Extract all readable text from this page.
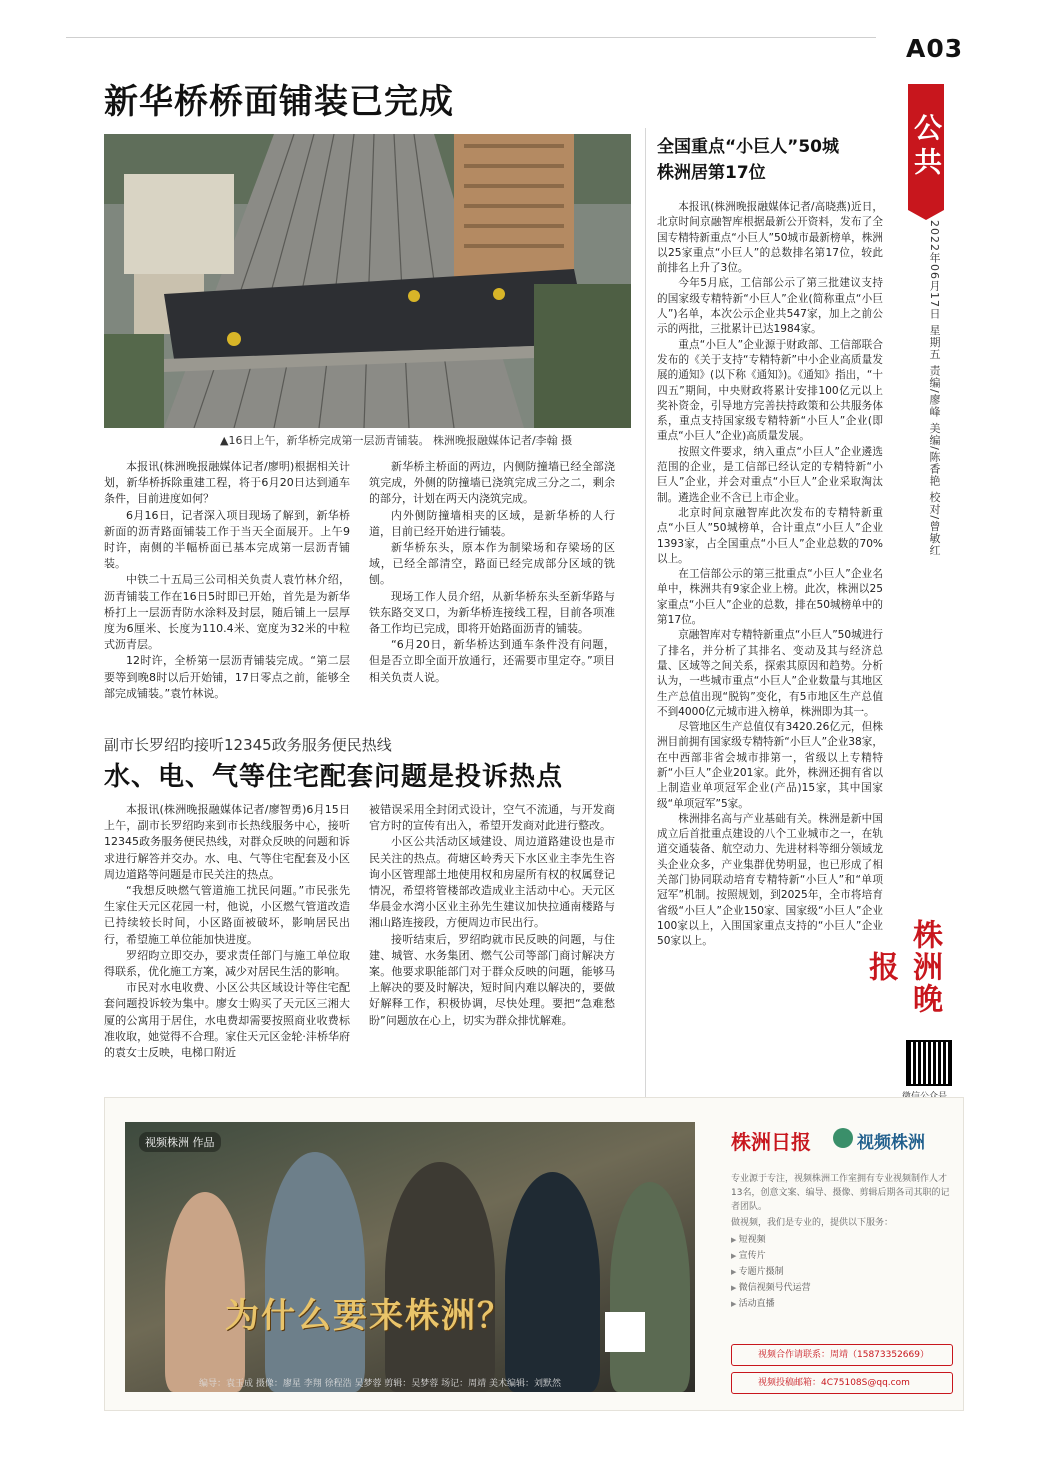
A03
公共
2022年06月17日 星期五 责编/廖峰 美编/陈香艳 校对/曾敏红
株洲晚报
新华桥桥面铺装已完成
▲16日上午，新华桥完成第一层沥青铺装。 株洲晚报融媒体记者/李翰 摄

本报讯(株洲晚报融媒体记者/廖明)根据相关计划，新华桥拆除重建工程，将于6月20日达到通车条件，目前进度如何？

6月16日，记者深入项目现场了解到，新华桥新面的沥青路面铺装工作于当天全面展开。上午9时许，南侧的半幅桥面已基本完成第一层沥青铺装。

中铁二十五局三公司相关负责人袁竹林介绍，沥青铺装工作在16日5时即已开始，首先是为新华桥打上一层沥青防水涂料及封层，随后铺上一层厚度为6厘米、长度为110.4米、宽度为32米的中粒式沥青层。

12时许，全桥第一层沥青铺装完成。“第二层要等到晚8时以后开始铺，17日零点之前，能够全部完成铺装。”袁竹林说。

新华桥主桥面的两边，内侧防撞墙已经全部浇筑完成，外侧的防撞墙已浇筑完成三分之二，剩余的部分，计划在两天内浇筑完成。

内外侧防撞墙相夹的区域，是新华桥的人行道，目前已经开始进行铺装。

新华桥东头，原本作为制梁场和存梁场的区域，已经全部清空，路面已经完成部分区域的铣刨。

现场工作人员介绍，从新华桥东头至新华路与铁东路交叉口，为新华桥连接线工程，目前各项准备工作均已完成，即将开始路面沥青的铺装。

“6月20日，新华桥达到通车条件没有问题，但是否立即全面开放通行，还需要市里定夺。”项目相关负责人说。

副市长罗绍昀接听12345政务服务便民热线
水、电、气等住宅配套问题是投诉热点

本报讯(株洲晚报融媒体记者/廖智勇)6月15日上午，副市长罗绍昀来到市长热线服务中心，接听12345政务服务便民热线，对群众反映的问题和诉求进行解答并交办。水、电、气等住宅配套及小区周边道路等问题是市民关注的热点。

“我想反映燃气管道施工扰民问题。”市民张先生家住天元区花园一村，他说，小区燃气管道改造已持续较长时间，小区路面被破坏，影响居民出行，希望施工单位能加快进度。

罗绍昀立即交办，要求责任部门与施工单位取得联系，优化施工方案，减少对居民生活的影响。

市民对水电收费、小区公共区域设计等住宅配套问题投诉较为集中。廖女士购买了天元区三湘大厦的公寓用于居住，水电费却需要按照商业收费标准收取，她觉得不合理。家住天元区金轮·沣桥华府的袁女士反映，电梯口附近

被错误采用全封闭式设计，空气不流通，与开发商官方时的宣传有出入，希望开发商对此进行整改。

小区公共活动区域建设、周边道路建设也是市民关注的热点。荷塘区岭秀天下水区业主李先生咨询小区管理部土地使用权和房屋所有权的权属登记情况，希望将管楼部改造成业主活动中心。天元区华晨金水湾小区业主孙先生建议加快拉通南楼路与湘山路连接段，方便周边市民出行。

接听结束后，罗绍昀就市民反映的问题，与住建、城管、水务集团、燃气公司等部门商讨解决方案。他要求职能部门对于群众反映的问题，能够马上解决的要及时解决，短时间内难以解决的，要做好解释工作，积极协调，尽快处理。要把“急难愁盼”问题放在心上，切实为群众排忧解难。

全国重点“小巨人”50城
株洲居第17位

本报讯(株洲晚报融媒体记者/高晓燕)近日，北京时间京融智库根据最新公开资料，发布了全国专精特新重点“小巨人”50城市最新榜单，株洲以25家重点“小巨人”的总数排名第17位，较此前排名上升了3位。

今年5月底，工信部公示了第三批建议支持的国家级专精特新“小巨人”企业(简称重点“小巨人”)名单，本次公示企业共547家，加上之前公示的两批，三批累计已达1984家。

重点“小巨人”企业源于财政部、工信部联合发布的《关于支持“专精特新”中小企业高质量发展的通知》(以下称《通知》)。《通知》指出，“十四五”期间，中央财政将累计安排100亿元以上奖补资金，引导地方完善扶持政策和公共服务体系，重点支持国家级专精特新“小巨人”企业(即重点“小巨人”企业)高质量发展。

按照文件要求，纳入重点“小巨人”企业遴选范围的企业，是工信部已经认定的专精特新“小巨人”企业，并会对重点“小巨人”企业采取淘汰制。遴选企业不含已上市企业。

北京时间京融智库此次发布的专精特新重点“小巨人”50城榜单，合计重点“小巨人”企业1393家，占全国重点“小巨人”企业总数的70%以上。

在工信部公示的第三批重点“小巨人”企业名单中，株洲共有9家企业上榜。此次，株洲以25家重点“小巨人”企业的总数，排在50城榜单中的第17位。

京融智库对专精特新重点“小巨人”50城进行了排名，并分析了其排名、变动及其与经济总量、区域等之间关系，探索其原因和趋势。分析认为，一些城市重点“小巨人”企业数量与其地区生产总值出现“脱钩”变化，有5市地区生产总值不到4000亿元城市进入榜单，株洲即为其一。

尽管地区生产总值仅有3420.26亿元，但株洲目前拥有国家级专精特新“小巨人”企业38家，在中西部非省会城市排第一，省级以上专精特新“小巨人”企业201家。此外，株洲还拥有省以上制造业单项冠军企业(产品)15家，其中国家级“单项冠军”5家。

株洲排名高与产业基础有关。株洲是新中国成立后首批重点建设的八个工业城市之一，在轨道交通装备、航空动力、先进材料等细分领域龙头企业众多，产业集群优势明显，也已形成了相关部门协同联动培育专精特新“小巨人”和“单项冠军”机制。按照规划，到2025年，全市将培育省级“小巨人”企业150家、国家级“小巨人”企业100家以上，入围国家重点支持的“小巨人”企业50家以上。

视频株洲 作品
为什么要来株洲？
编导：袁玉成 摄像：廖星 李翔 徐程浩 吴梦蓉 剪辑：吴梦蓉 场记：周靖 美术编辑：刘默然
株洲日报	视频株洲
专业源于专注，视频株洲工作室拥有专业视频制作人才13名，创意文案、编导、摄像、剪辑后期各司其职的记者团队。
做视频，我们是专业的，提供以下服务：
▶ 短视频
▶ 宣传片
▶ 专题片摄制
▶ 微信视频号代运营
▶ 活动直播
视频合作请联系：周靖（15873352669）
视频投稿邮箱：4C75108S@qq.com
